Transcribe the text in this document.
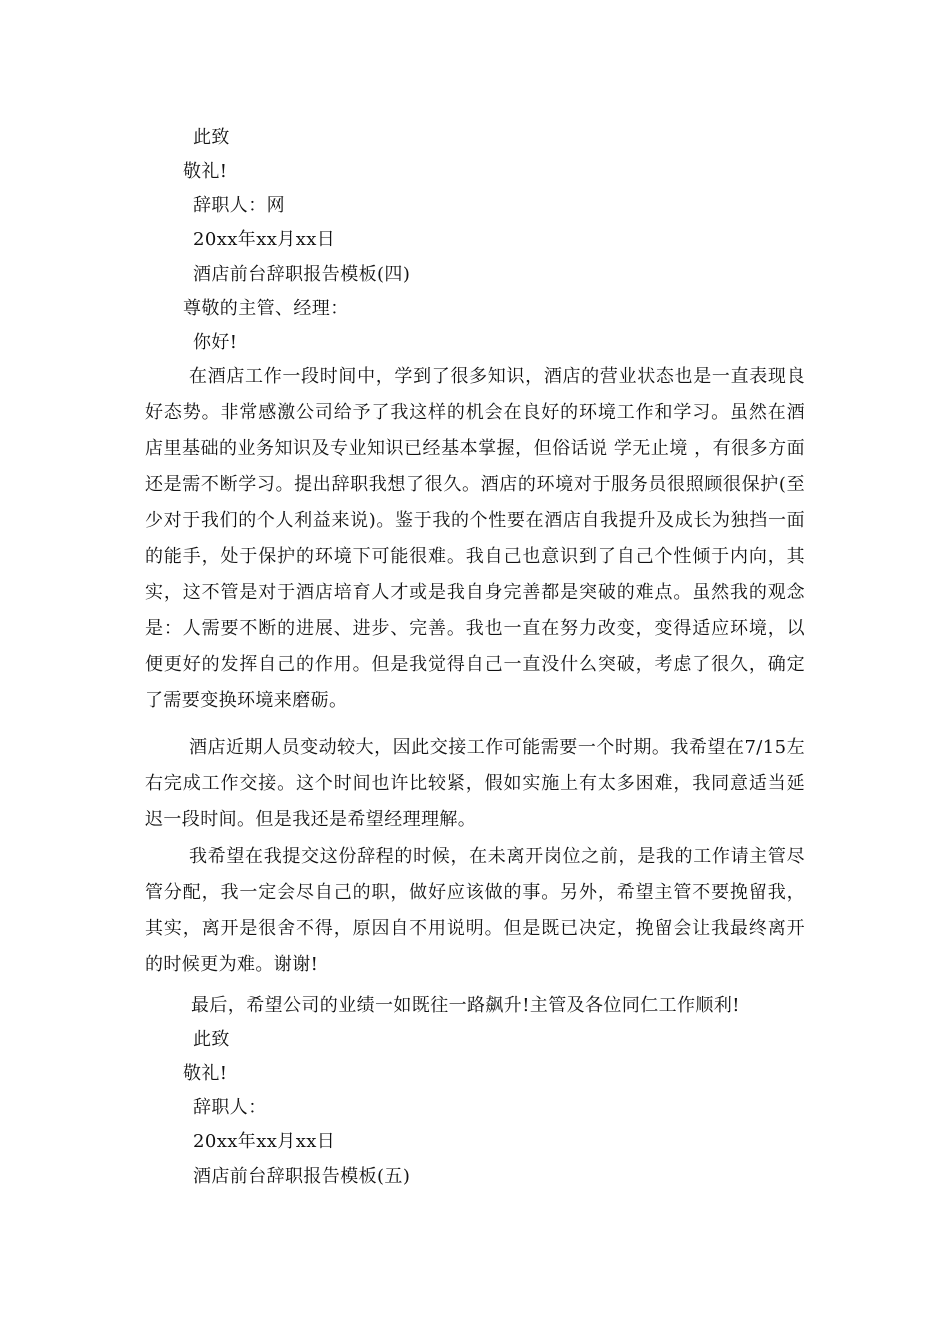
此致
敬礼!
辞职人：网
20xx年xx月xx日
酒店前台辞职报告模板(四)
尊敬的主管、经理：
你好!
在酒店工作一段时间中，学到了很多知识，酒店的营业状态也是一直表现良好态势。非常感激公司给予了我这样的机会在良好的环境工作和学习。虽然在酒店里基础的业务知识及专业知识已经基本掌握，但俗话说 学无止境 ，有很多方面还是需不断学习。提出辞职我想了很久。酒店的环境对于服务员很照顾很保护(至少对于我们的个人利益来说)。鉴于我的个性要在酒店自我提升及成长为独挡一面的能手，处于保护的环境下可能很难。我自己也意识到了自己个性倾于内向，其实，这不管是对于酒店培育人才或是我自身完善都是突破的难点。虽然我的观念是：人需要不断的进展、进步、完善。我也一直在努力改变，变得适应环境，以便更好的发挥自己的作用。但是我觉得自己一直没什么突破，考虑了很久，确定了需要变换环境来磨砺。
酒店近期人员变动较大，因此交接工作可能需要一个时期。我希望在7/15左右完成工作交接。这个时间也许比较紧，假如实施上有太多困难，我同意适当延迟一段时间。但是我还是希望经理理解。
我希望在我提交这份辞程的时候，在未离开岗位之前，是我的工作请主管尽管分配，我一定会尽自己的职，做好应该做的事。另外，希望主管不要挽留我，其实，离开是很舍不得，原因自不用说明。但是既已决定，挽留会让我最终离开的时候更为难。谢谢!
最后，希望公司的业绩一如既往一路飙升!主管及各位同仁工作顺利!
此致
敬礼!
辞职人：
20xx年xx月xx日
酒店前台辞职报告模板(五)
